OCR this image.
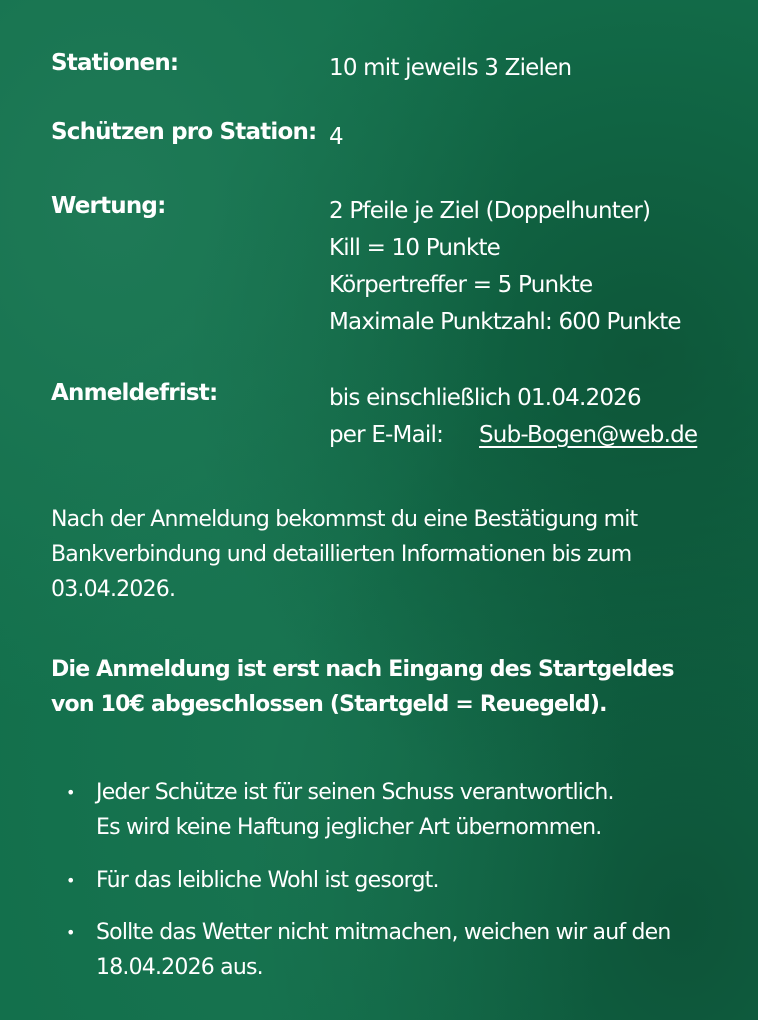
Stationen:	10 mit jeweils 3 Zielen
Schützen pro Station: 4
Wertung:	2 Pfeile je Ziel (Doppelhunter)
Kill = 10 Punkte
Körpertreffer = 5 Punkte
Maximale Punktzahl: 600 Punkte
Anmeldefrist:	bis einschließlich 01.04.2026
per E-Mail: Sub-Bogen@web.de
Nach der Anmeldung bekommst du eine Bestätigung mit Bankverbindung und detaillierten Informationen bis zum 03.04.2026.
Die Anmeldung ist erst nach Eingang des Startgeldes von 10€ abgeschlossen (Startgeld = Reuegeld).
• Jeder Schütze ist für seinen Schuss verantwortlich.
Es wird keine Haftung jeglicher Art übernommen.
• Für das leibliche Wohl ist gesorgt.
• Sollte das Wetter nicht mitmachen, weichen wir auf den
18.04.2026 aus.
